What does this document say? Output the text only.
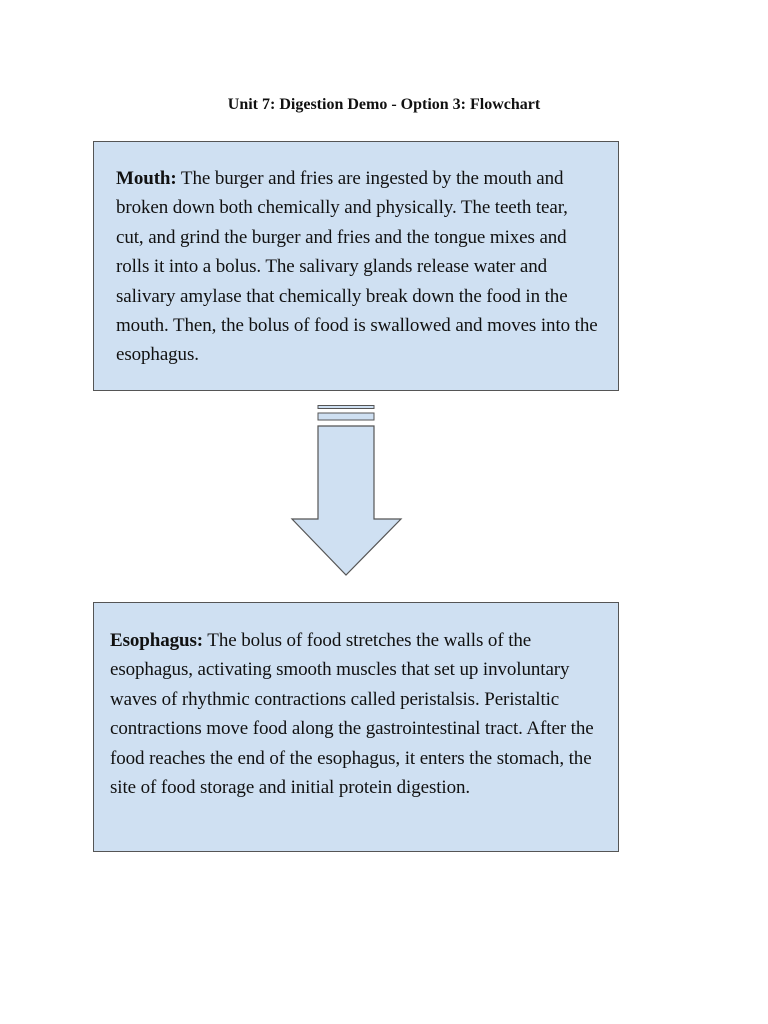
Unit 7: Digestion Demo - Option 3: Flowchart
Mouth: The burger and fries are ingested by the mouth and broken down both chemically and physically. The teeth tear, cut, and grind the burger and fries and the tongue mixes and rolls it into a bolus. The salivary glands release water and salivary amylase that chemically break down the food in the mouth. Then, the bolus of food is swallowed and moves into the esophagus.
Esophagus: The bolus of food stretches the walls of the esophagus, activating smooth muscles that set up involuntary waves of rhythmic contractions called peristalsis. Peristaltic contractions move food along the gastrointestinal tract. After the food reaches the end of the esophagus, it enters the stomach, the site of food storage and initial protein digestion.
